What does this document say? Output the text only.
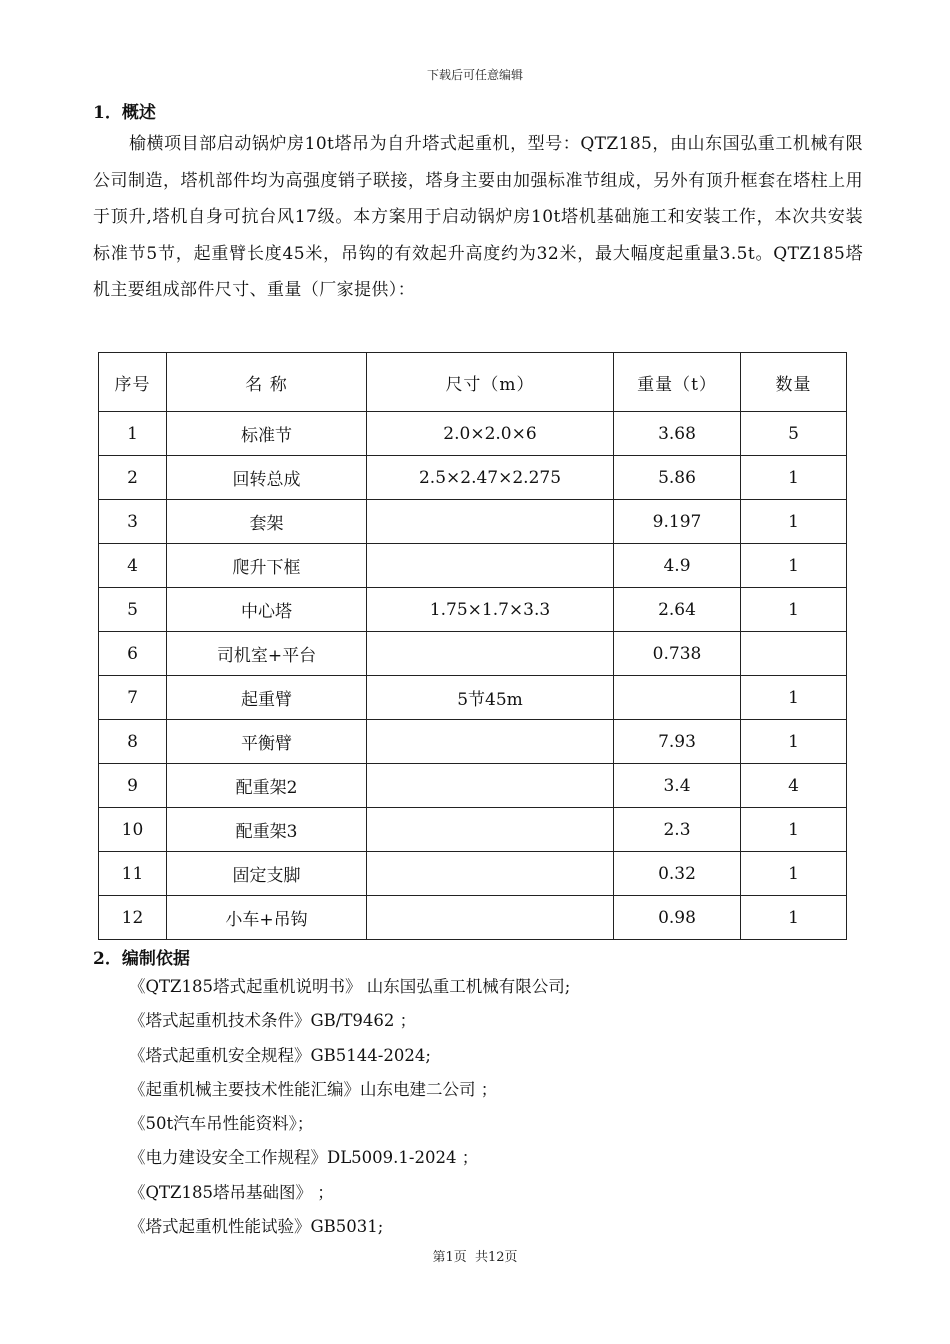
下载后可任意编辑
1．概述
榆横项目部启动锅炉房10t塔吊为自升塔式起重机，型号：QTZ185，由山东国弘重工机械有限公司制造，塔机部件均为高强度销子联接，塔身主要由加强标准节组成，另外有顶升框套在塔柱上用于顶升,塔机自身可抗台风17级。本方案用于启动锅炉房10t塔机基础施工和安装工作，本次共安装标准节5节，起重臂长度45米，吊钩的有效起升高度约为32米，最大幅度起重量3.5t。QTZ185塔机主要组成部件尺寸、重量（厂家提供）：
序号	名 称	尺寸（m）	重量（t）	数量
1	标准节	2.0×2.0×6	3.68	5
2	回转总成	2.5×2.47×2.275	5.86	1
3	套架		9.197	1
4	爬升下框		4.9	1
5	中心塔	1.75×1.7×3.3	2.64	1
6	司机室+平台		0.738	
7	起重臂	5节45m		1
8	平衡臂		7.93	1
9	配重架2		3.4	4
10	配重架3		2.3	1
11	固定支脚		0.32	1
12	小车+吊钩		0.98	1
2．编制依据
《QTZ185塔式起重机说明书》 山东国弘重工机械有限公司;
《塔式起重机技术条件》GB/T9462 ；
《塔式起重机安全规程》GB5144-2024;
《起重机械主要技术性能汇编》山东电建二公司 ；
《50t汽车吊性能资料》；
《电力建设安全工作规程》DL5009.1-2024 ；
《QTZ185塔吊基础图》 ；
《塔式起重机性能试验》GB5031;
第1页 共12页
